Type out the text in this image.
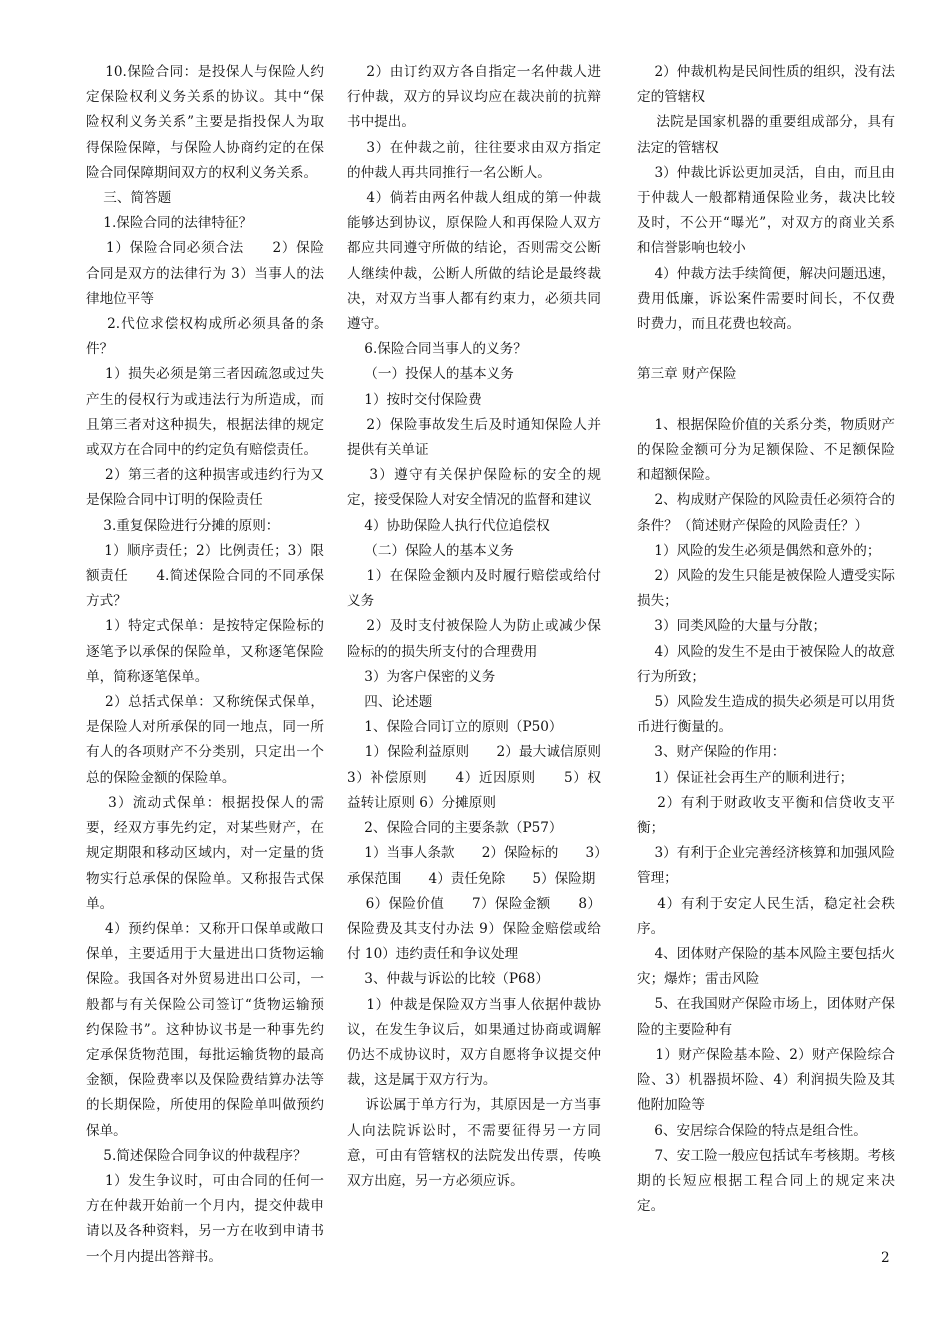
10.保险合同：是投保人与保险人约定保险权利义务关系的协议。其中“保险权利义务关系”主要是指投保人为取得保险保障，与保险人协商约定的在保险合同保障期间双方的权利义务关系。

三、简答题

1.保险合同的法律特征？

1）保险合同必须合法　　2）保险合同是双方的法律行为 3）当事人的法律地位平等

2.代位求偿权构成所必须具备的条件？

1）损失必须是第三者因疏忽或过失产生的侵权行为或违法行为所造成，而且第三者对这种损失，根据法律的规定或双方在合同中的约定负有赔偿责任。

2）第三者的这种损害或违约行为又是保险合同中订明的保险责任

3.重复保险进行分摊的原则：

1）顺序责任；2）比例责任；3）限额责任　　4.简述保险合同的不同承保方式？

1）特定式保单：是按特定保险标的逐笔予以承保的保险单，又称逐笔保险单，简称逐笔保单。

2）总括式保单：又称统保式保单，是保险人对所承保的同一地点，同一所有人的各项财产不分类别，只定出一个总的保险金额的保险单。

3）流动式保单：根据投保人的需要，经双方事先约定，对某些财产，在规定期限和移动区域内，对一定量的货物实行总承保的保险单。又称报告式保单。

4）预约保单：又称开口保单或敞口保单，主要适用于大量进出口货物运输保险。我国各对外贸易进出口公司，一般都与有关保险公司签订“货物运输预约保险书”。这种协议书是一种事先约定承保货物范围，每批运输货物的最高金额，保险费率以及保险费结算办法等的长期保险，所使用的保险单叫做预约保单。

5.简述保险合同争议的仲裁程序？

1）发生争议时，可由合同的任何一方在仲裁开始前一个月内，提交仲裁申请以及各种资料，另一方在收到申请书一个月内提出答辩书。

2）由订约双方各自指定一名仲裁人进行仲裁，双方的异议均应在裁决前的抗辩书中提出。

3）在仲裁之前，往往要求由双方指定的仲裁人再共同推行一名公断人。

4）倘若由两名仲裁人组成的第一仲裁能够达到协议，原保险人和再保险人双方都应共同遵守所做的结论，否则需交公断人继续仲裁，公断人所做的结论是最终裁决，对双方当事人都有约束力，必须共同遵守。

6.保险合同当事人的义务？

（一）投保人的基本义务

1）按时交付保险费

2）保险事故发生后及时通知保险人并提供有关单证

3）遵守有关保护保险标的安全的规定，接受保险人对安全情况的监督和建议

4）协助保险人执行代位追偿权

（二）保险人的基本义务

1）在保险金额内及时履行赔偿或给付义务

2）及时支付被保险人为防止或减少保险标的的损失所支付的合理费用

3）为客户保密的义务

四、论述题

1、保险合同订立的原则（P50）

1）保险利益原则　　2）最大诚信原则　　3）补偿原则　　4）近因原则　　5）权益转让原则 6）分摊原则

2、保险合同的主要条款（P57）

1）当事人条款　　2）保险标的　　3）承保范围　　4）责任免除　　5）保险期

6）保险价值　　7）保险金额　　8）保险费及其支付办法 9）保险金赔偿或给付 10）违约责任和争议处理

3、仲裁与诉讼的比较（P68）

1）仲裁是保险双方当事人依据仲裁协议，在发生争议后，如果通过协商或调解仍达不成协议时，双方自愿将争议提交仲裁，这是属于双方行为。

诉讼属于单方行为，其原因是一方当事人向法院诉讼时，不需要征得另一方同意，可由有管辖权的法院发出传票，传唤双方出庭，另一方必须应诉。

2）仲裁机构是民间性质的组织，没有法定的管辖权

法院是国家机器的重要组成部分，具有法定的管辖权

3）仲裁比诉讼更加灵活，自由，而且由于仲裁人一般都精通保险业务，裁决比较及时，不公开“曝光”，对双方的商业关系和信誉影响也较小

4）仲裁方法手续简便，解决问题迅速，费用低廉，诉讼案件需要时间长，不仅费时费力，而且花费也较高。

第三章 财产保险

1、根据保险价值的关系分类，物质财产的保险金额可分为足额保险、不足额保险和超额保险。

2、构成财产保险的风险责任必须符合的条件？（简述财产保险的风险责任？）

1）风险的发生必须是偶然和意外的；

2）风险的发生只能是被保险人遭受实际损失；

3）同类风险的大量与分散；

4）风险的发生不是由于被保险人的故意行为所致；

5）风险发生造成的损失必须是可以用货币进行衡量的。

3、财产保险的作用：

1）保证社会再生产的顺利进行；

2）有利于财政收支平衡和信贷收支平衡；

3）有利于企业完善经济核算和加强风险管理；

4）有利于安定人民生活，稳定社会秩序。

4、团体财产保险的基本风险主要包括火灾；爆炸；雷击风险

5、在我国财产保险市场上，团体财产保险的主要险种有

1）财产保险基本险、2）财产保险综合险、3）机器损坏险、4）利润损失险及其他附加险等

6、安居综合保险的特点是组合性。

7、安工险一般应包括试车考核期。考核期的长短应根据工程合同上的规定来决定。

2
